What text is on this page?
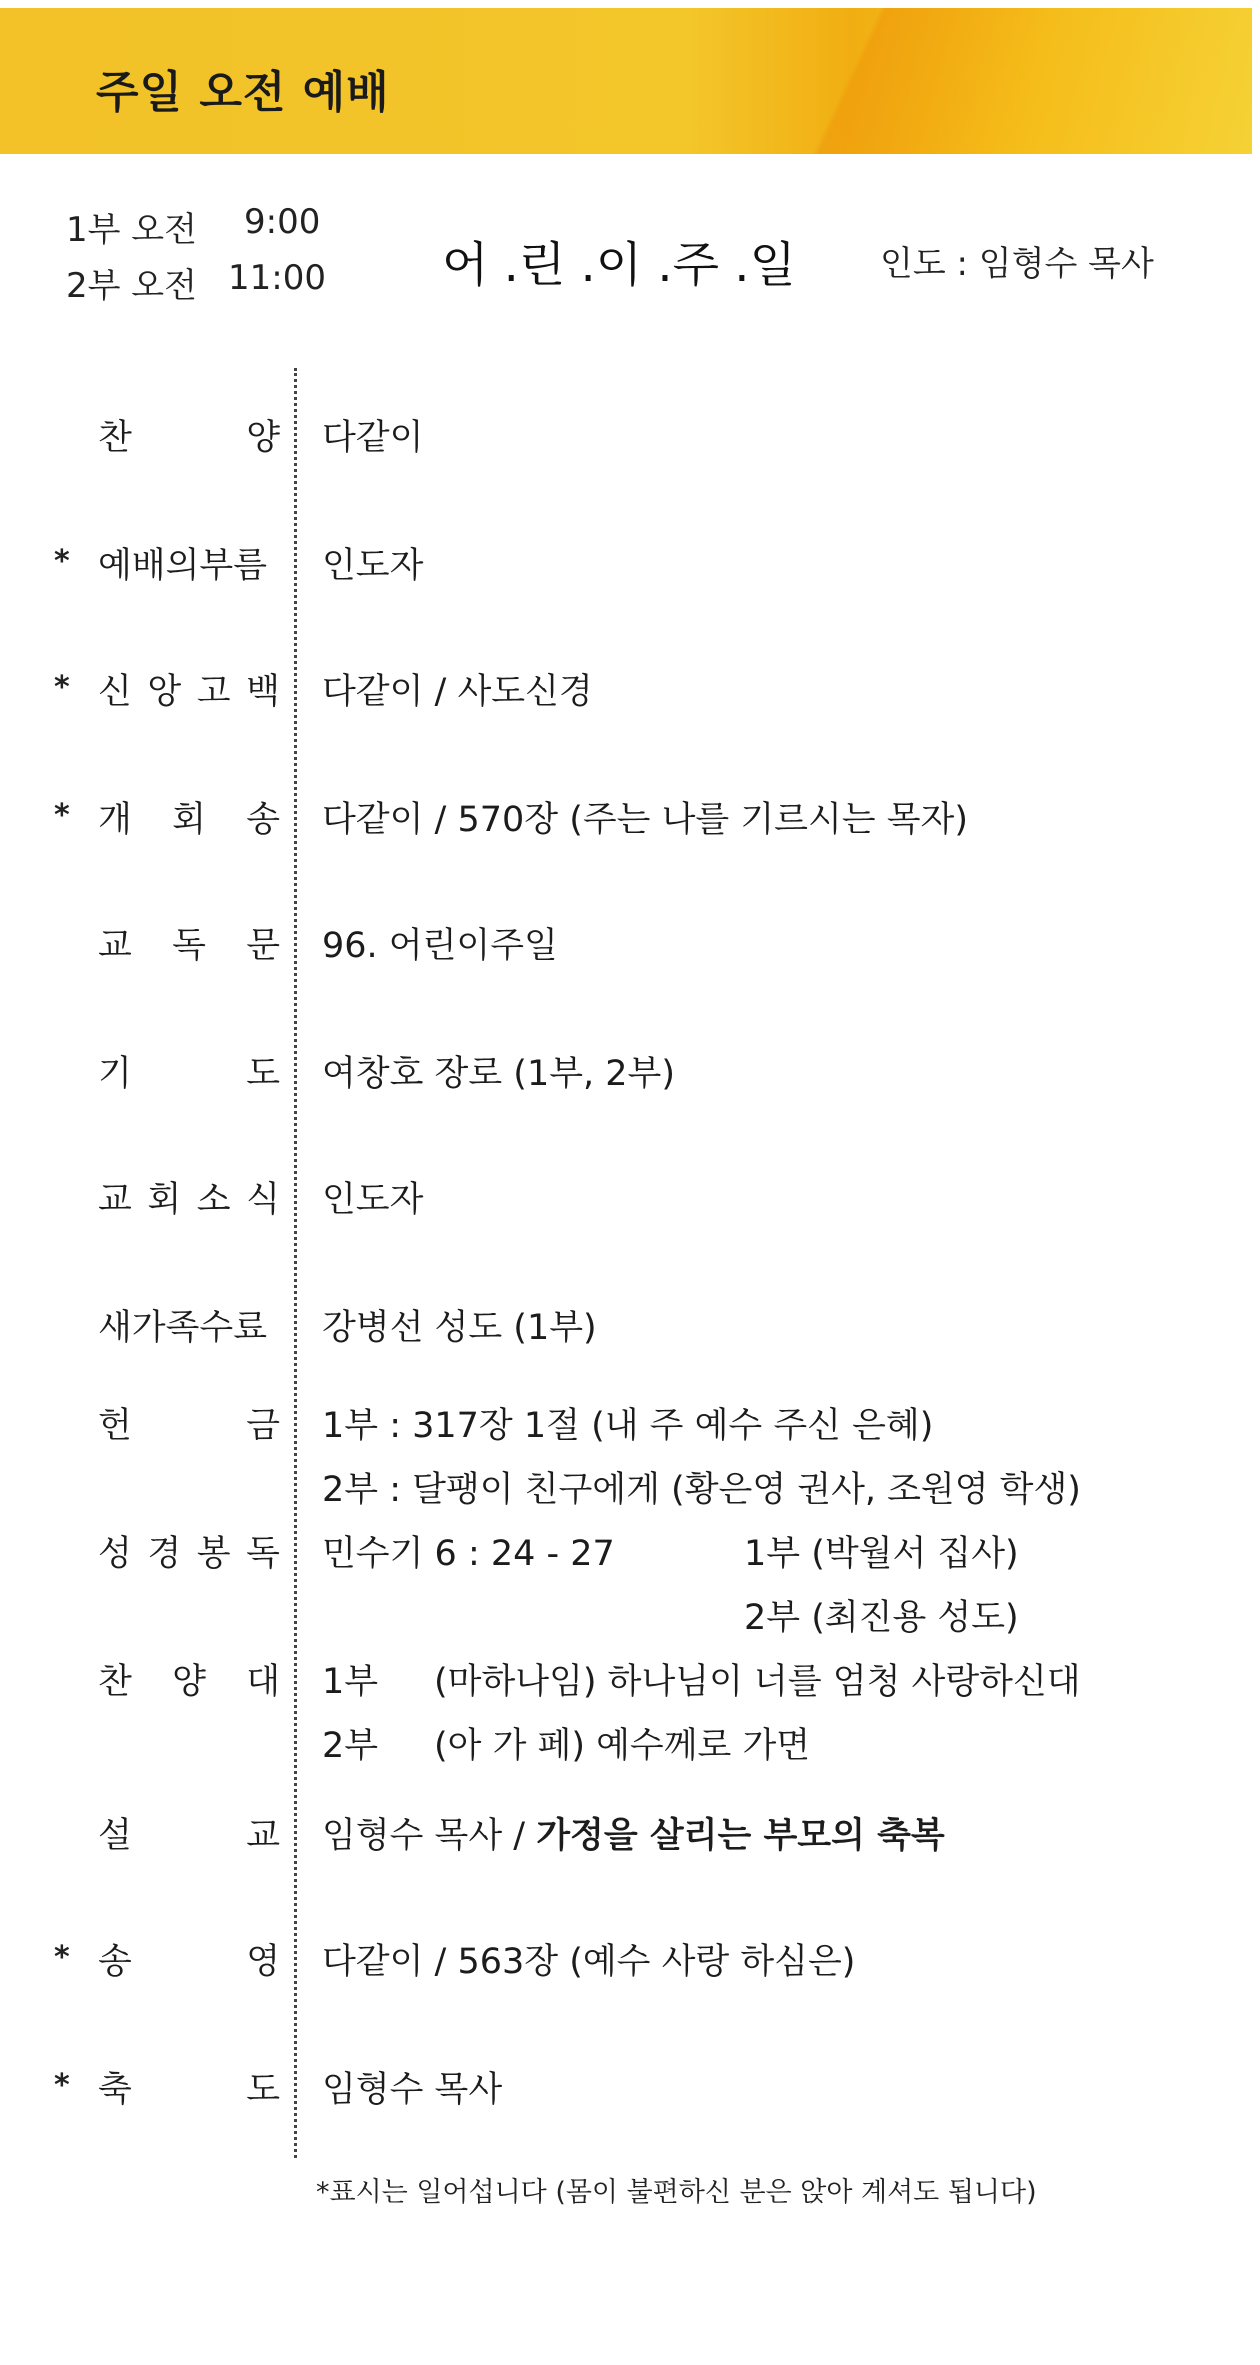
주일 오전 예배
1부 오전 9:00
2부 오전 11:00 어 .린 .이 .주 .일 인도 : 임형수 목사
찬	양 다같이
* 예배의부름 인도자
* 신 앙 고 백 다같이 / 사도신경
* 개 회 송 다같이 / 570장 (주는 나를 기르시는 목자)
교 독 문 96. 어린이주일
기	도 여창호 장로 (1부, 2부)
교 회 소 식 인도자
새가족수료 강병선 성도 (1부)
헌	금 1부 : 317장 1절 (내 주 예수 주신 은혜)
2부 : 달팽이 친구에게 (황은영 권사, 조원영 학생)
성 경 봉 독 민수기 6 : 24 - 27	1부 (박월서 집사)
2부 (최진용 성도)
찬 양 대 1부 (마하나임) 하나님이 너를 엄청 사랑하신대
2부 (아 가 페) 예수께로 가면
설	교 임형수 목사 / 가정을 살리는 부모의 축복
* 송	영 다같이 / 563장 (예수 사랑 하심은)
* 축	도 임형수 목사
*표시는 일어섭니다 (몸이 불편하신 분은 앉아 계셔도 됩니다)
